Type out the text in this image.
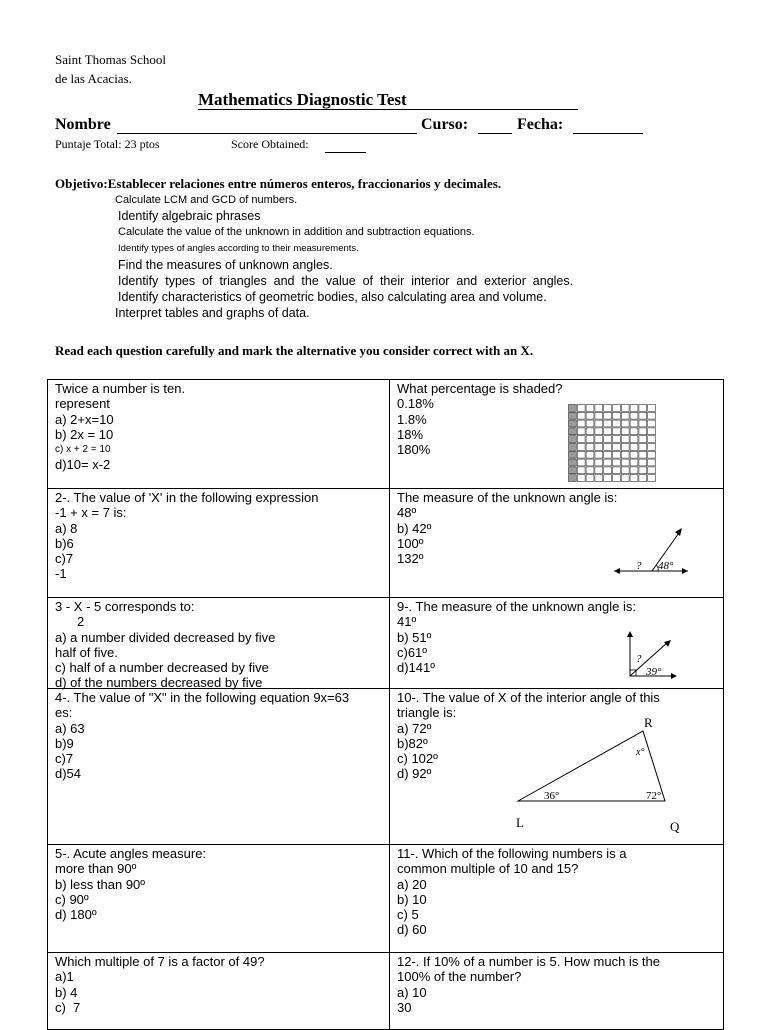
Saint Thomas School
de las Acacias.
Mathematics Diagnostic Test
Nombre	Curso:	Fecha:
Puntaje Total: 23 ptos	Score Obtained:
Objetivo:Establecer relaciones entre números enteros, fraccionarios y decimales.
Calculate LCM and GCD of numbers.
Identify algebraic phrases
Calculate the value of the unknown in addition and subtraction equations.
Identify types of angles according to their measurements.
Find the measures of unknown angles.
Identify  types  of  triangles  and  the  value  of  their  interior  and  exterior  angles.
Identify characteristics of geometric bodies, also calculating area and volume.
Interpret tables and graphs of data.
Read each question carefully and mark the alternative you consider correct with an X.
Twice a number is ten.
represent
a) 2+x=10
b) 2x = 10
c) x + 2 = 10
d)10= x-2
What percentage is shaded?
0.18%
1.8%
18%
180%
2-. The value of 'X' in the following expression
-1 + x = 7 is:
a) 8
b)6
c)7
-1
The measure of the unknown angle is:
48º
b) 42º
100º
132º	? 48°
3 - X - 5 corresponds to:
2
a) a number divided decreased by five
half of five.
c) half of a number decreased by five
d) of the numbers decreased by five
9-. The measure of the unknown angle is:
41º
b) 51º
c)61º
d)141º
?
39°
4-. The value of "X" in the following equation 9x=63
es:
a) 63
b)9
c)7
d)54
10-. The value of X of the interior angle of this
triangle is:
a) 72º
b)82º
c) 102º
d) 92º
R
L	Q
x°
36°	72°
5-. Acute angles measure:
more than 90º
b) less than 90º
c) 90º
d) 180º
11-. Which of the following numbers is a
common multiple of 10 and 15?
a) 20
b) 10
c) 5
d) 60
Which multiple of 7 is a factor of 49?
a)1
b) 4
c)  7
12-. If 10% of a number is 5. How much is the
100% of the number?
a) 10
30
